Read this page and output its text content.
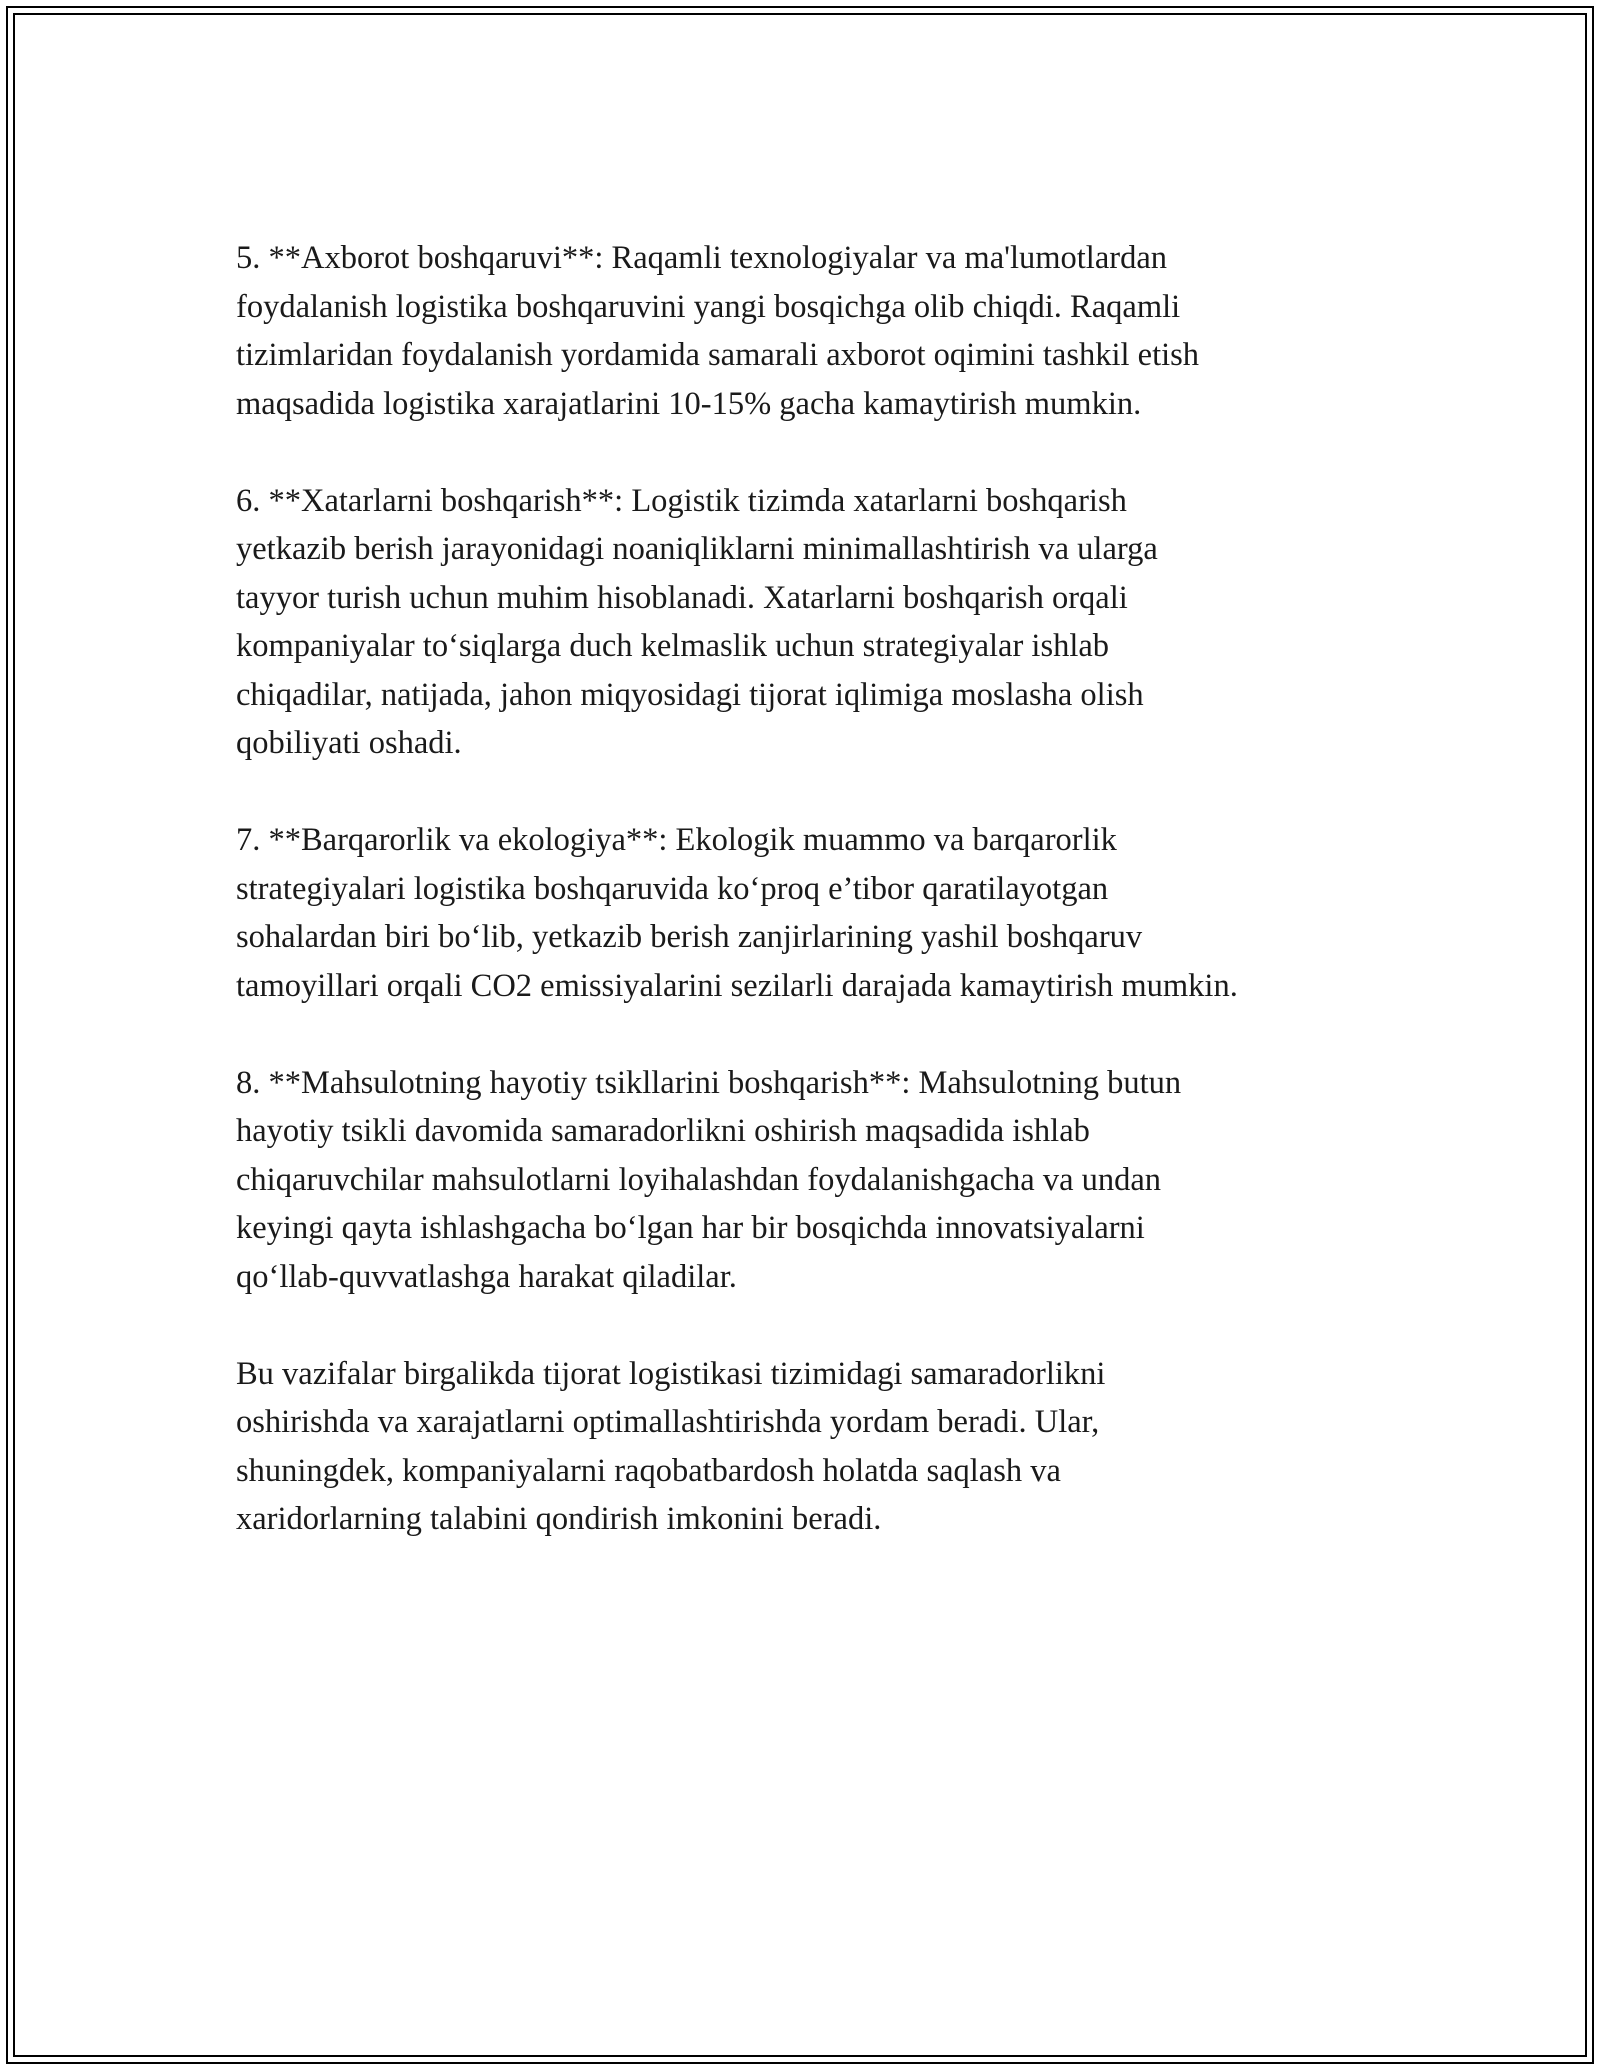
5. **Axborot boshqaruvi**: Raqamli texnologiyalar va ma'lumotlardan
foydalanish logistika boshqaruvini yangi bosqichga olib chiqdi. Raqamli
tizimlaridan foydalanish yordamida samarali axborot oqimini tashkil etish
maqsadida logistika xarajatlarini 10-15% gacha kamaytirish mumkin.

6. **Xatarlarni boshqarish**: Logistik tizimda xatarlarni boshqarish
yetkazib berish jarayonidagi noaniqliklarni minimallashtirish va ularga
tayyor turish uchun muhim hisoblanadi. Xatarlarni boshqarish orqali
kompaniyalar to‘siqlarga duch kelmaslik uchun strategiyalar ishlab
chiqadilar, natijada, jahon miqyosidagi tijorat iqlimiga moslasha olish
qobiliyati oshadi.

7. **Barqarorlik va ekologiya**: Ekologik muammo va barqarorlik
strategiyalari logistika boshqaruvida ko‘proq e’tibor qaratilayotgan
sohalardan biri bo‘lib, yetkazib berish zanjirlarining yashil boshqaruv
tamoyillari orqali CO2 emissiyalarini sezilarli darajada kamaytirish mumkin.

8. **Mahsulotning hayotiy tsikllarini boshqarish**: Mahsulotning butun
hayotiy tsikli davomida samaradorlikni oshirish maqsadida ishlab
chiqaruvchilar mahsulotlarni loyihalashdan foydalanishgacha va undan
keyingi qayta ishlashgacha bo‘lgan har bir bosqichda innovatsiyalarni
qo‘llab-quvvatlashga harakat qiladilar.

Bu vazifalar birgalikda tijorat logistikasi tizimidagi samaradorlikni
oshirishda va xarajatlarni optimallashtirishda yordam beradi. Ular,
shuningdek, kompaniyalarni raqobatbardosh holatda saqlash va
xaridorlarning talabini qondirish imkonini beradi.
